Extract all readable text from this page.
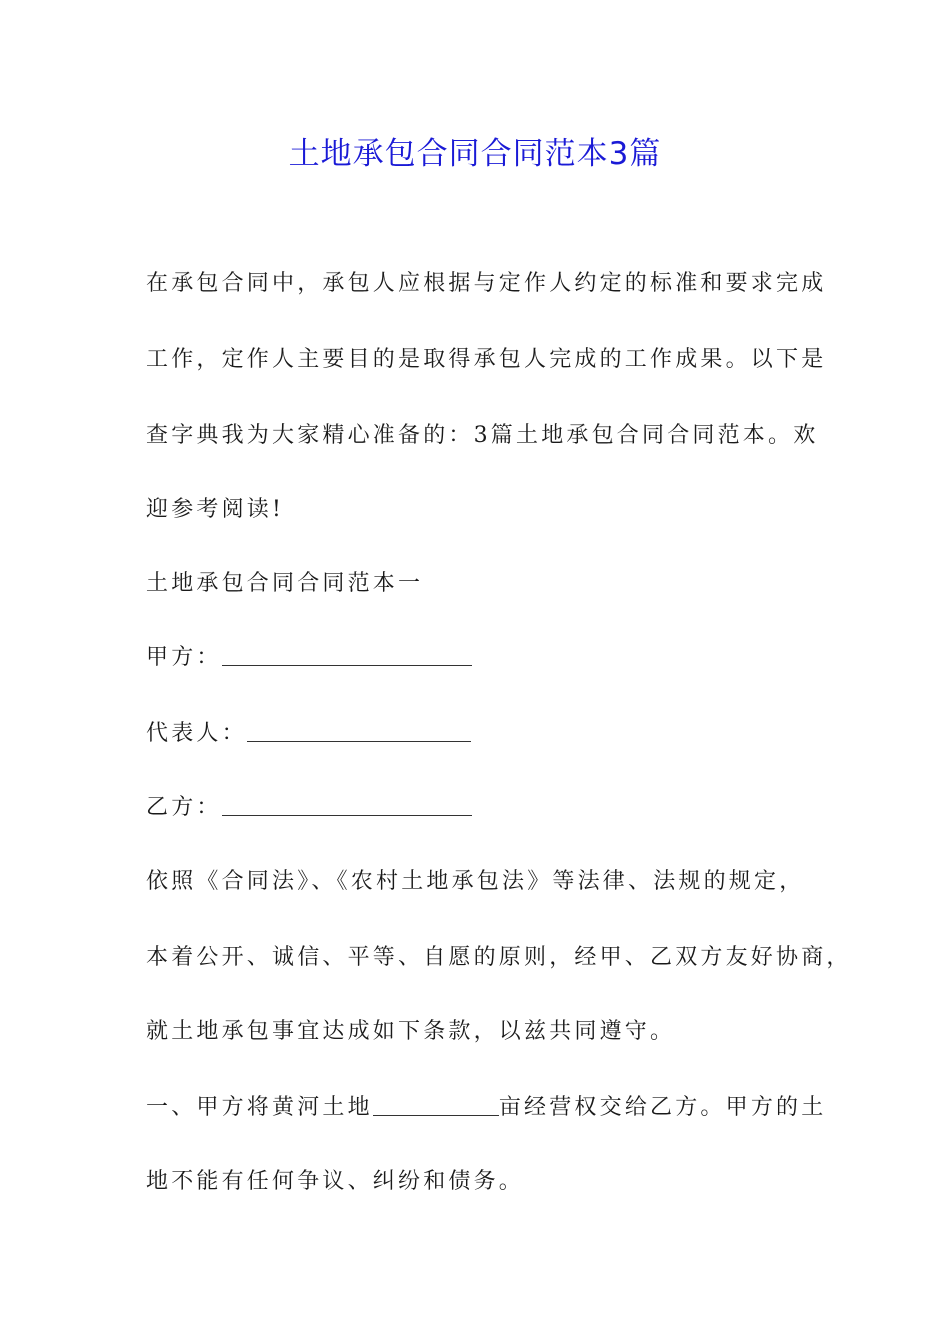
土地承包合同合同范本3篇
在承包合同中，承包人应根据与定作人约定的标准和要求完成
工作，定作人主要目的是取得承包人完成的工作成果。以下是
查字典我为大家精心准备的：3篇土地承包合同合同范本。欢
迎参考阅读!
土地承包合同合同范本一
甲方：
代表人：
乙方：
依照《合同法》、《农村土地承包法》等法律、法规的规定，
本着公开、诚信、平等、自愿的原则，经甲、乙双方友好协商，
就土地承包事宜达成如下条款，以兹共同遵守。
一、甲方将黄河土地	亩经营权交给乙方。甲方的土
地不能有任何争议、纠纷和债务。
